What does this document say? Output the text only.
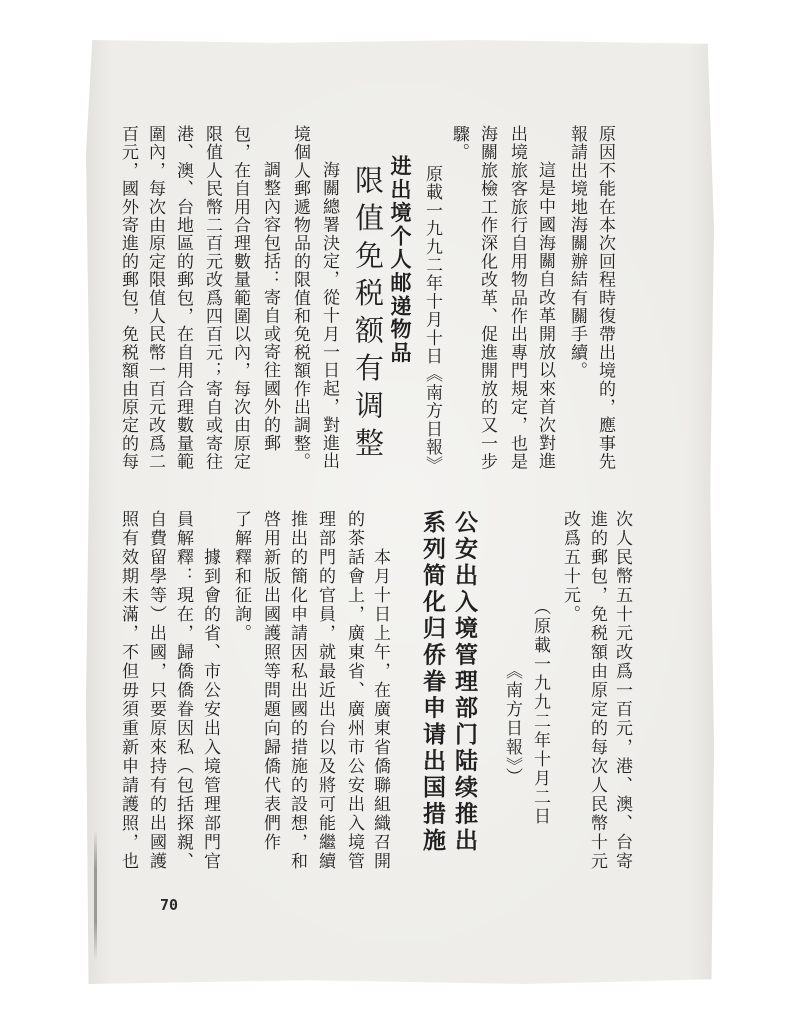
原因不能在本次回程時復帶出境的，應事先
報請出境地海關辦結有關手續。
這是中國海關自改革開放以來首次對進
出境旅客旅行自用物品作出專門規定，也是
海關旅檢工作深化改革、促進開放的又一步
驟。
原載一九九二年十月十日《南方日報》
进出境个人邮递物品
限值免税额有调整
海關總署決定，從十月一日起，對進出
境個人郵遞物品的限值和免税額作出調整。
調整內容包括：寄自或寄往國外的郵
包，在自用合理數量範圍以內，每次由原定
限值人民幣二百元改爲四百元；寄自或寄往
港、澳、台地區的郵包，在自用合理數量範
圍內，每次由原定限值人民幣一百元改爲二
百元，國外寄進的郵包，免税額由原定的每
次人民幣五十元改爲一百元，港、澳、台寄
進的郵包，免税額由原定的每次人民幣十元
改爲五十元。
（原載一九九二年十月二日
《南方日報》）
公安出入境管理部门陆续推出
系列简化归侨眷申请出国措施
本月十日上午，在廣東省僑聯組織召開
的茶話會上，廣東省、廣州市公安出入境管
理部門的官員，就最近出台以及將可能繼續
推出的簡化申請因私出國的措施的設想，和
啓用新版出國護照等問題向歸僑代表們作
了解釋和征詢。
據到會的省、市公安出入境管理部門官
員解釋：現在，歸僑僑眷因私（包括探親、
自費留學等）出國，只要原來持有的出國護
照有效期未滿，不但毋須重新申請護照，也
70
